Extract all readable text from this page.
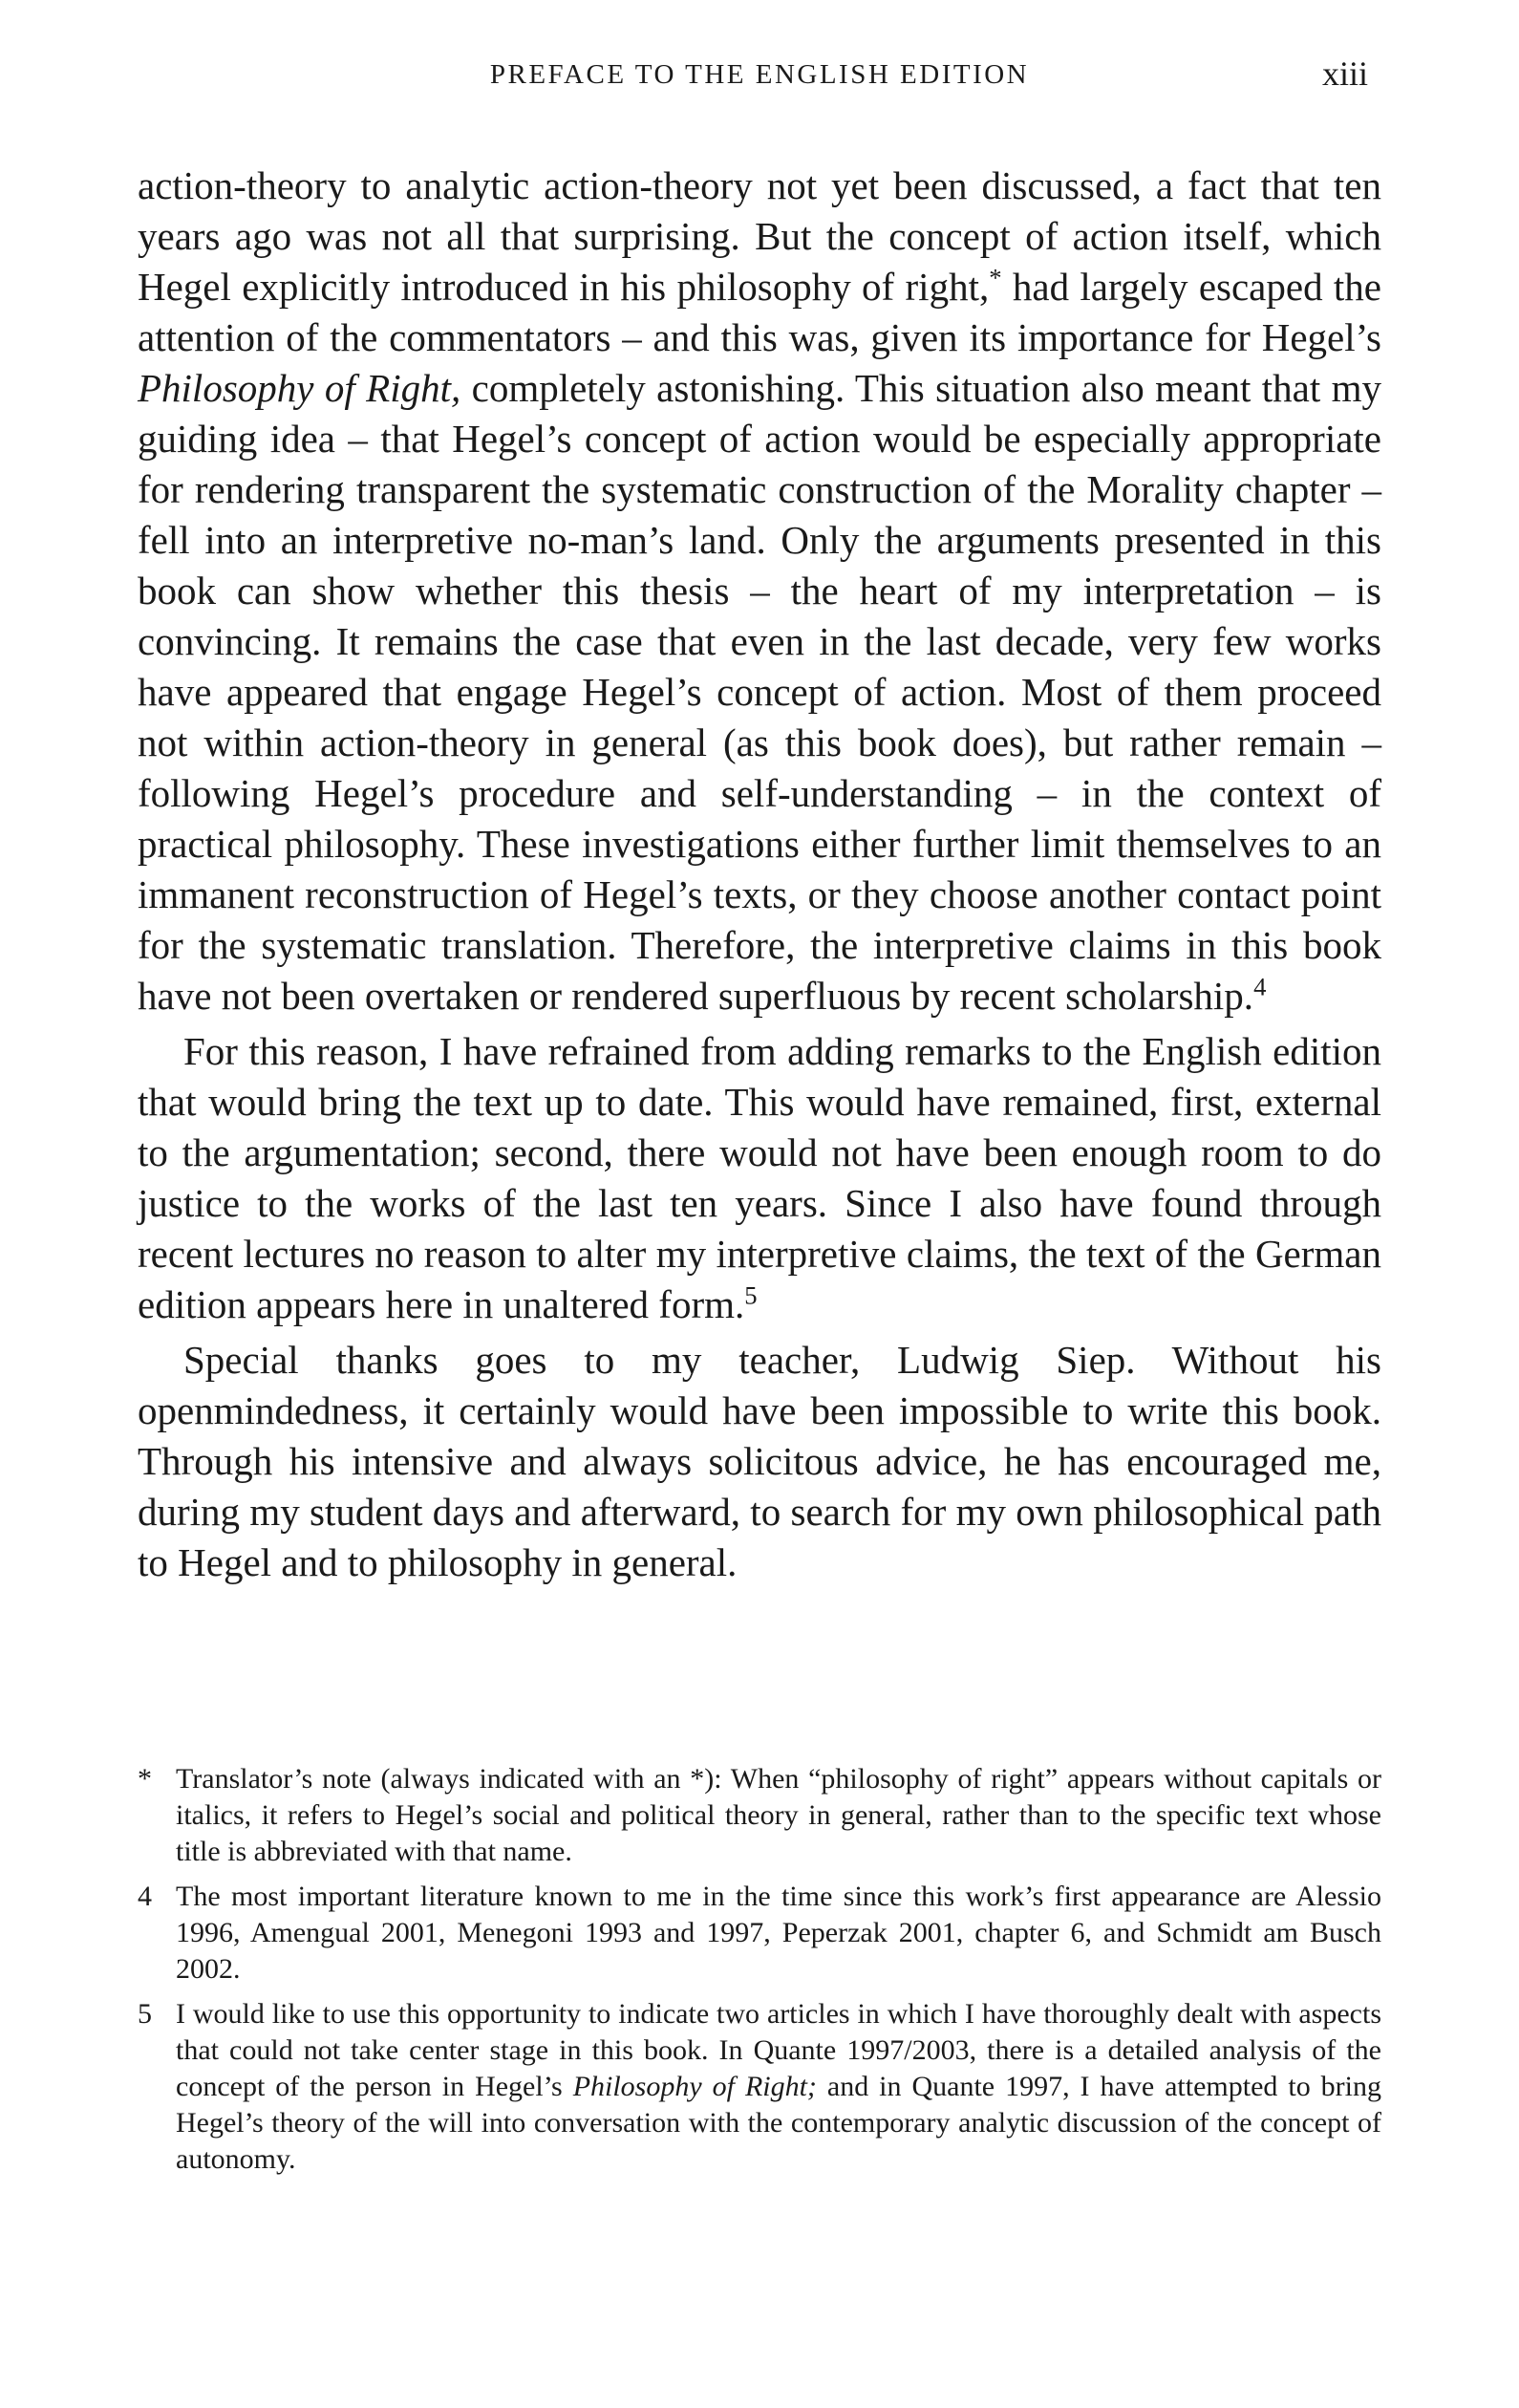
PREFACE TO THE ENGLISH EDITION	xiii

action-theory to analytic action-theory not yet been discussed, a fact that ten years ago was not all that surprising. But the concept of action itself, which Hegel explicitly introduced in his philosophy of right,* had largely escaped the attention of the commentators – and this was, given its importance for Hegel’s Philosophy of Right, completely astonishing. This situation also meant that my guiding idea – that Hegel’s concept of action would be especially appropriate for rendering transparent the systematic construction of the Morality chapter – fell into an interpretive no-man’s land. Only the arguments presented in this book can show whether this thesis – the heart of my interpretation – is convincing. It remains the case that even in the last decade, very few works have appeared that engage Hegel’s concept of action. Most of them proceed not within action-theory in general (as this book does), but rather remain – following Hegel’s procedure and self-understanding – in the context of practical philosophy. These investigations either further limit themselves to an immanent reconstruction of Hegel’s texts, or they choose another contact point for the systematic translation. Therefore, the interpretive claims in this book have not been overtaken or rendered superfluous by recent scholarship.$^4$

For this reason, I have refrained from adding remarks to the English edition that would bring the text up to date. This would have remained, first, external to the argumentation; second, there would not have been enough room to do justice to the works of the last ten years. Since I also have found through recent lectures no reason to alter my interpretive claims, the text of the German edition appears here in unaltered form.$^5$

Special thanks goes to my teacher, Ludwig Siep. Without his openmindedness, it certainly would have been impossible to write this book. Through his intensive and always solicitous advice, he has encouraged me, during my student days and afterward, to search for my own philosophical path to Hegel and to philosophy in general.

* Translator’s note (always indicated with an *): When “philosophy of right” appears without capitals or italics, it refers to Hegel’s social and political theory in general, rather than to the specific text whose title is abbreviated with that name.
4 The most important literature known to me in the time since this work’s first appearance are Alessio 1996, Amengual 2001, Menegoni 1993 and 1997, Peperzak 2001, chapter 6, and Schmidt am Busch 2002.
5 I would like to use this opportunity to indicate two articles in which I have thoroughly dealt with aspects that could not take center stage in this book. In Quante 1997/2003, there is a detailed analysis of the concept of the person in Hegel’s Philosophy of Right; and in Quante 1997, I have attempted to bring Hegel’s theory of the will into conversation with the contemporary analytic discussion of the concept of autonomy.
